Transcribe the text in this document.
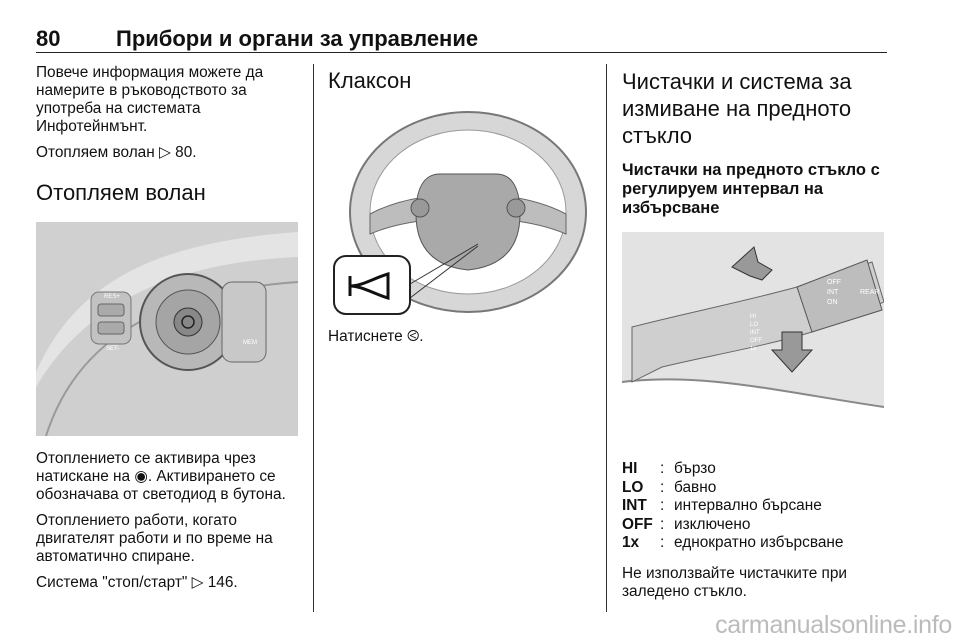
80	Прибори и органи за управление

Повече информация можете да намерите в ръководството за употреба на системата Инфотейнмънт.

Отопляем волан ▷ 80.

Отопляем волан
RES+
SET-
MEM

Отоплението се активира чрез натискане на ◉. Активирането се обозначава от светодиод в бутона.

Отоплението работи, когато двигателят работи и по време на автоматично спиране.

Система "стоп/старт" ▷ 146.

Клаксон

Натиснете ⧀.

Чистачки и система за измиване на предното стъкло
Чистачки на предното стъкло с регулируем интервал на избърсване
OFF
INT
ON
REAR
HI
LO
INT
OFF
1x
HI	:	бързо
LO	:	бавно
INT	:	интервално бърсане
OFF	:	изключено
1x	:	еднократно избърсване

Не използвайте чистачките при заледено стъкло.

carmanualsonline.info
